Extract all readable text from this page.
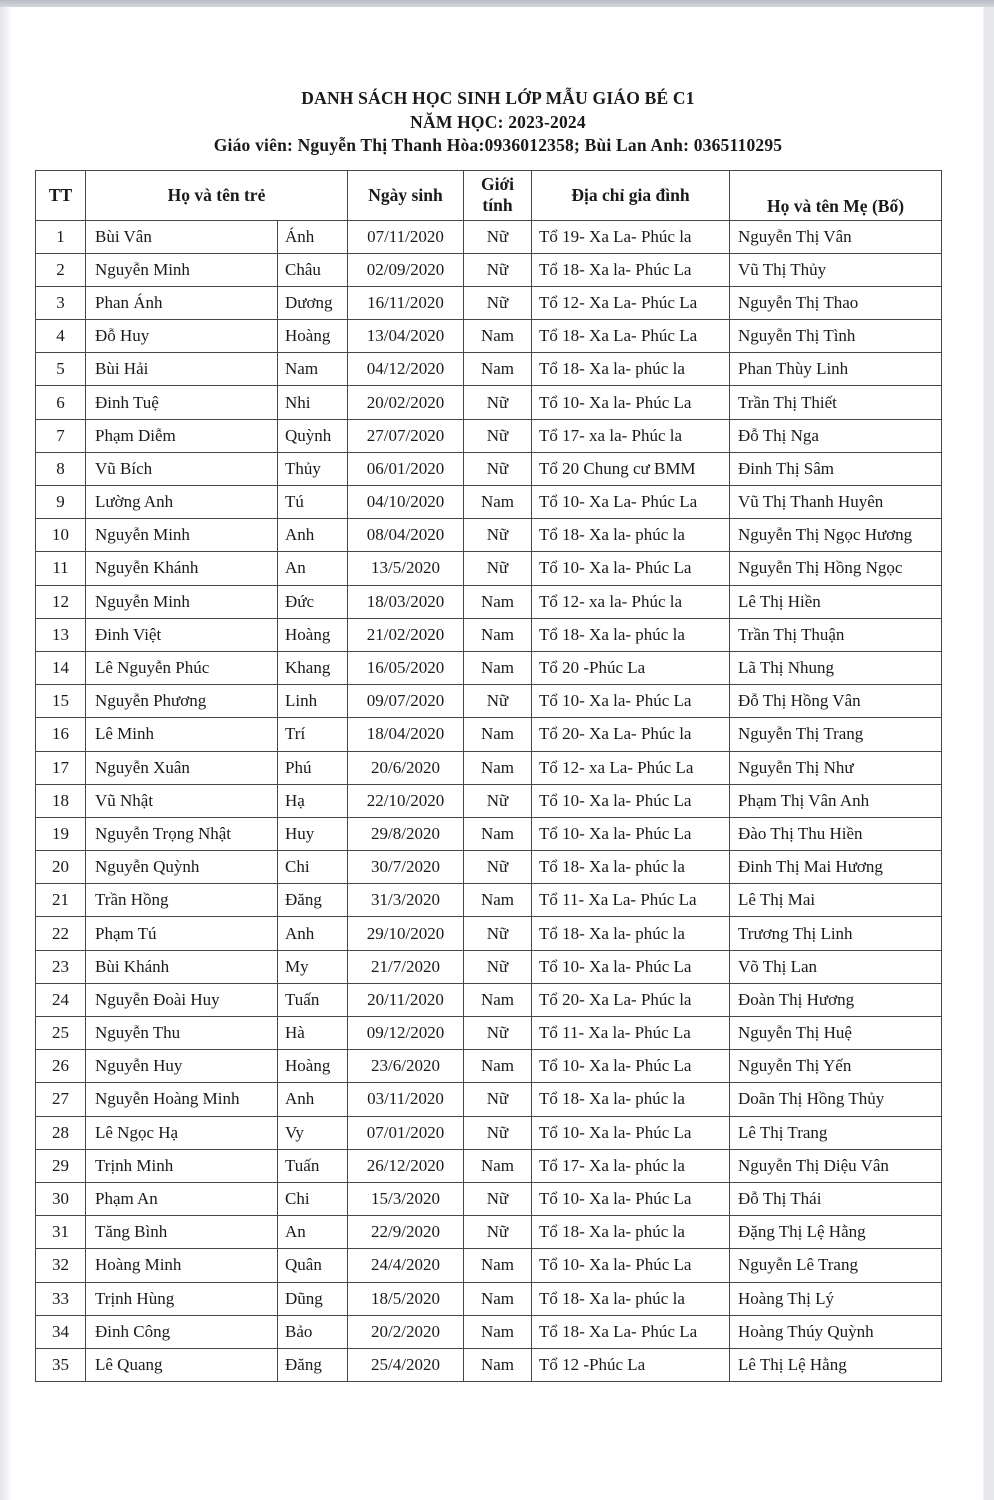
DANH SÁCH HỌC SINH LỚP MẪU GIÁO BÉ C1
NĂM HỌC: 2023-2024
Giáo viên: Nguyễn Thị Thanh Hòa:0936012358; Bùi Lan Anh: 0365110295
TT	Họ và tên trẻ		Ngày sinh	Giới tính	Địa chỉ gia đình	Họ và tên Mẹ (Bố)
1	Bùi Vân	Ánh	07/11/2020	Nữ	Tổ 19- Xa La- Phúc la	Nguyễn Thị Vân
2	Nguyễn Minh	Châu	02/09/2020	Nữ	Tổ 18- Xa la- Phúc La	Vũ Thị Thủy
3	Phan Ánh	Dương	16/11/2020	Nữ	Tổ 12- Xa La- Phúc La	Nguyễn Thị Thao
4	Đỗ Huy	Hoàng	13/04/2020	Nam	Tổ 18- Xa La- Phúc La	Nguyễn Thị Tình
5	Bùi Hải	Nam	04/12/2020	Nam	Tổ 18- Xa la- phúc la	Phan Thùy Linh
6	Đinh Tuệ	Nhi	20/02/2020	Nữ	Tổ 10- Xa la- Phúc La	Trần Thị Thiết
7	Phạm Diễm	Quỳnh	27/07/2020	Nữ	Tổ 17- xa la- Phúc la	Đỗ Thị Nga
8	Vũ Bích	Thủy	06/01/2020	Nữ	Tổ 20 Chung cư BMM	Đinh Thị Sâm
9	Lường Anh	Tú	04/10/2020	Nam	Tổ 10- Xa La- Phúc La	Vũ Thị Thanh Huyên
10	Nguyễn Minh	Anh	08/04/2020	Nữ	Tổ 18- Xa la- phúc la	Nguyễn Thị Ngọc Hương
11	Nguyễn Khánh	An	13/5/2020	Nữ	Tổ 10- Xa la- Phúc La	Nguyễn Thị Hồng Ngọc
12	Nguyễn Minh	Đức	18/03/2020	Nam	Tổ 12- xa la- Phúc la	Lê Thị Hiền
13	Đinh Việt	Hoàng	21/02/2020	Nam	Tổ 18- Xa la- phúc la	Trần Thị Thuận
14	Lê Nguyễn Phúc	Khang	16/05/2020	Nam	Tổ 20 -Phúc La	Lã Thị Nhung
15	Nguyễn Phương	Linh	09/07/2020	Nữ	Tổ 10- Xa la- Phúc La	Đỗ Thị Hồng Vân
16	Lê Minh	Trí	18/04/2020	Nam	Tổ 20- Xa La- Phúc la	Nguyễn Thị Trang
17	Nguyễn Xuân	Phú	20/6/2020	Nam	Tổ 12- xa La- Phúc La	Nguyễn Thị Như
18	Vũ Nhật	Hạ	22/10/2020	Nữ	Tổ 10- Xa la- Phúc La	Phạm Thị Vân Anh
19	Nguyễn Trọng Nhật	Huy	29/8/2020	Nam	Tổ 10- Xa la- Phúc La	Đào Thị Thu Hiền
20	Nguyễn Quỳnh	Chi	30/7/2020	Nữ	Tổ 18- Xa la- phúc la	Đinh Thị Mai Hương
21	Trần Hồng	Đăng	31/3/2020	Nam	Tổ 11- Xa La- Phúc La	Lê Thị Mai
22	Phạm Tú	Anh	29/10/2020	Nữ	Tổ 18- Xa la- phúc la	Trương Thị Linh
23	Bùi Khánh	My	21/7/2020	Nữ	Tổ 10- Xa la- Phúc La	Võ Thị Lan
24	Nguyễn Đoài Huy	Tuấn	20/11/2020	Nam	Tổ 20- Xa La- Phúc la	Đoàn Thị Hương
25	Nguyễn Thu	Hà	09/12/2020	Nữ	Tổ 11- Xa la- Phúc La	Nguyễn Thị Huệ
26	Nguyễn Huy	Hoàng	23/6/2020	Nam	Tổ 10- Xa la- Phúc La	Nguyễn Thị Yến
27	Nguyễn Hoàng Minh	Anh	03/11/2020	Nữ	Tổ 18- Xa la- phúc la	Doãn Thị Hồng Thủy
28	Lê Ngọc Hạ	Vy	07/01/2020	Nữ	Tổ 10- Xa la- Phúc La	Lê Thị Trang
29	Trịnh Minh	Tuấn	26/12/2020	Nam	Tổ 17- Xa la- phúc la	Nguyễn Thị Diệu Vân
30	Phạm An	Chi	15/3/2020	Nữ	Tổ 10- Xa la- Phúc La	Đỗ Thị Thái
31	Tăng Bình	An	22/9/2020	Nữ	Tổ 18- Xa la- phúc la	Đặng Thị Lệ Hằng
32	Hoàng Minh	Quân	24/4/2020	Nam	Tổ 10- Xa la- Phúc La	Nguyễn Lê Trang
33	Trịnh Hùng	Dũng	18/5/2020	Nam	Tổ 18- Xa la- phúc la	Hoàng Thị Lý
34	Đinh Công	Bảo	20/2/2020	Nam	Tổ 18- Xa La- Phúc La	Hoàng Thúy Quỳnh
35	Lê Quang	Đăng	25/4/2020	Nam	Tổ 12 -Phúc La	Lê Thị Lệ Hằng
